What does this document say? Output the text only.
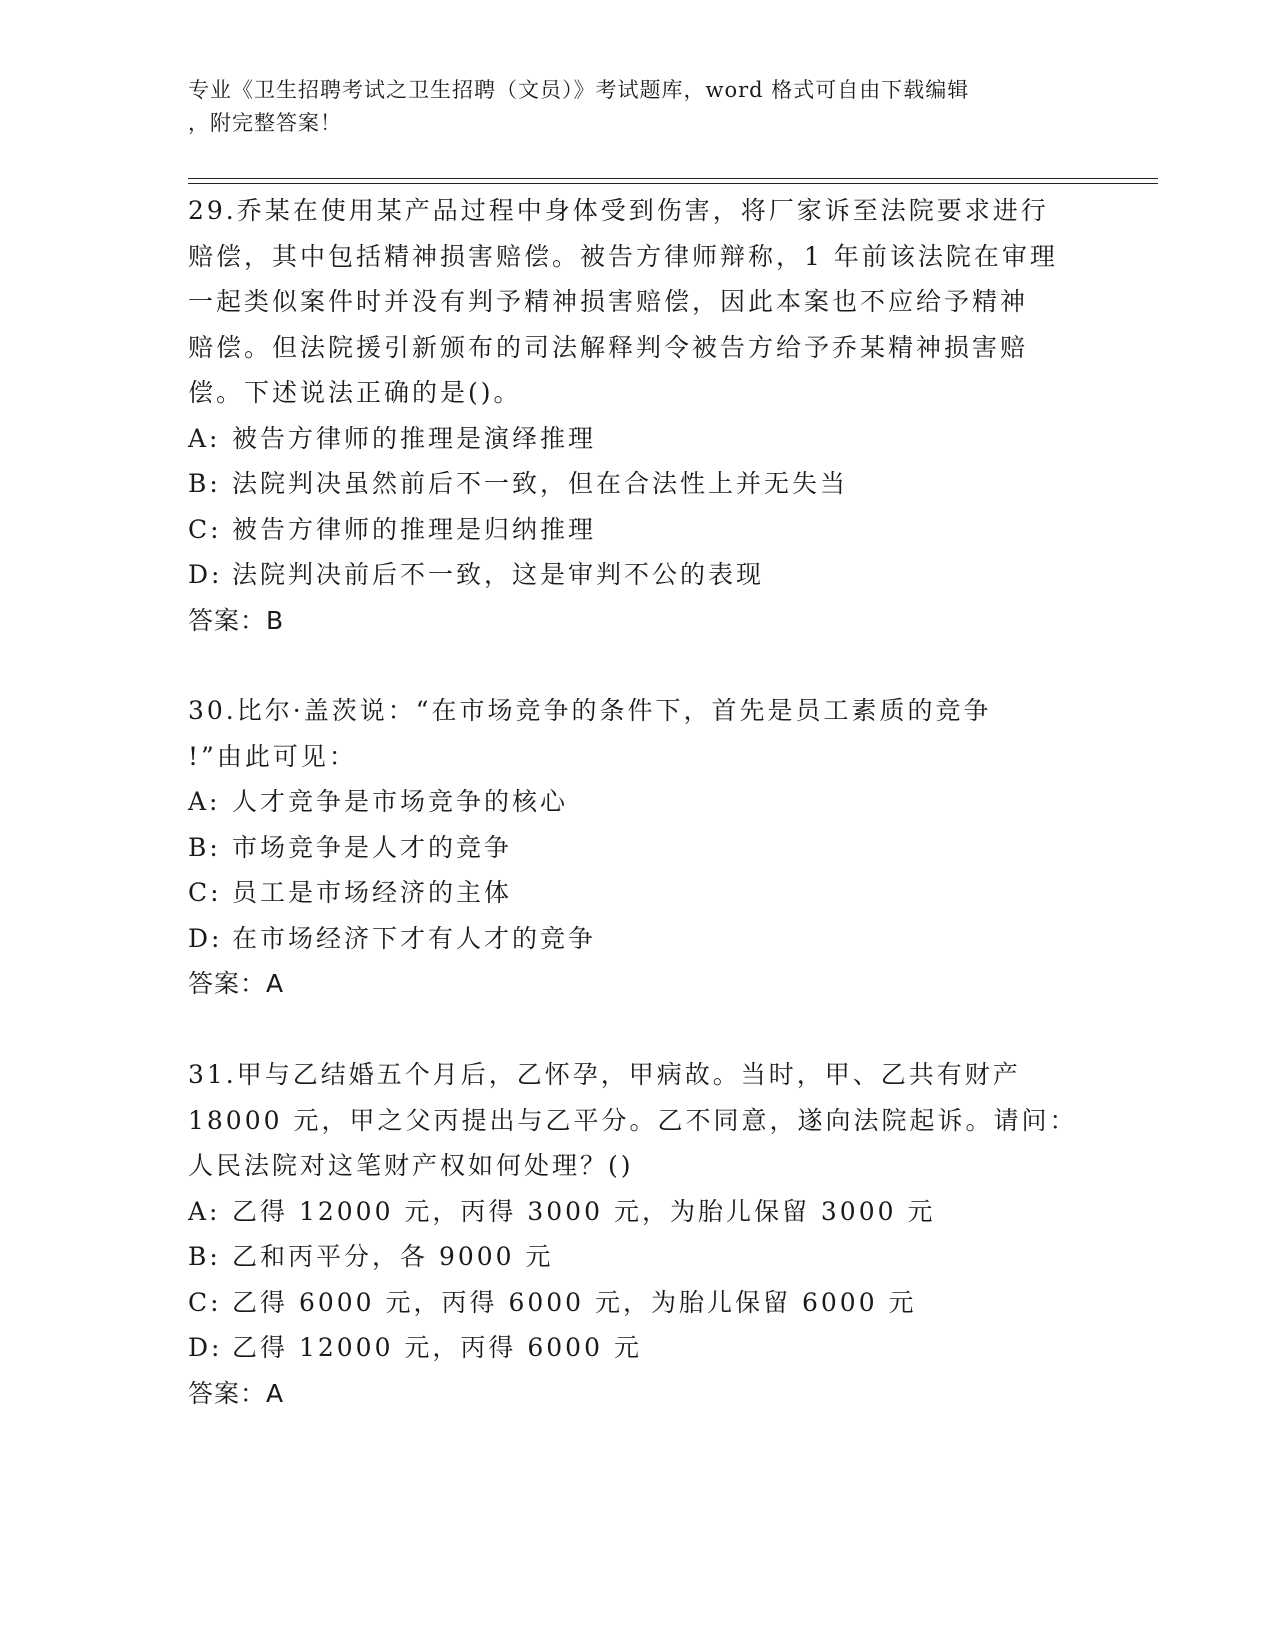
专业《卫生招聘考试之卫生招聘（文员）》考试题库，word 格式可自由下载编辑
，附完整答案！

29.乔某在使用某产品过程中身体受到伤害，将厂家诉至法院要求进行

赔偿，其中包括精神损害赔偿。被告方律师辩称，1 年前该法院在审理

一起类似案件时并没有判予精神损害赔偿，因此本案也不应给予精神

赔偿。但法院援引新颁布的司法解释判令被告方给予乔某精神损害赔

偿。下述说法正确的是()。

A: 被告方律师的推理是演绎推理

B: 法院判决虽然前后不一致，但在合法性上并无失当

C: 被告方律师的推理是归纳推理

D: 法院判决前后不一致，这是审判不公的表现

答案：B

30.比尔·盖茨说：“在市场竞争的条件下，首先是员工素质的竞争

!”由此可见：

A: 人才竞争是市场竞争的核心

B: 市场竞争是人才的竞争

C: 员工是市场经济的主体

D: 在市场经济下才有人才的竞争

答案：A

31.甲与乙结婚五个月后，乙怀孕，甲病故。当时，甲、乙共有财产

18000 元，甲之父丙提出与乙平分。乙不同意，遂向法院起诉。请问：

人民法院对这笔财产权如何处理？()

A: 乙得 12000 元，丙得 3000 元，为胎儿保留 3000 元

B: 乙和丙平分，各 9000 元

C: 乙得 6000 元，丙得 6000 元，为胎儿保留 6000 元

D: 乙得 12000 元，丙得 6000 元

答案：A
